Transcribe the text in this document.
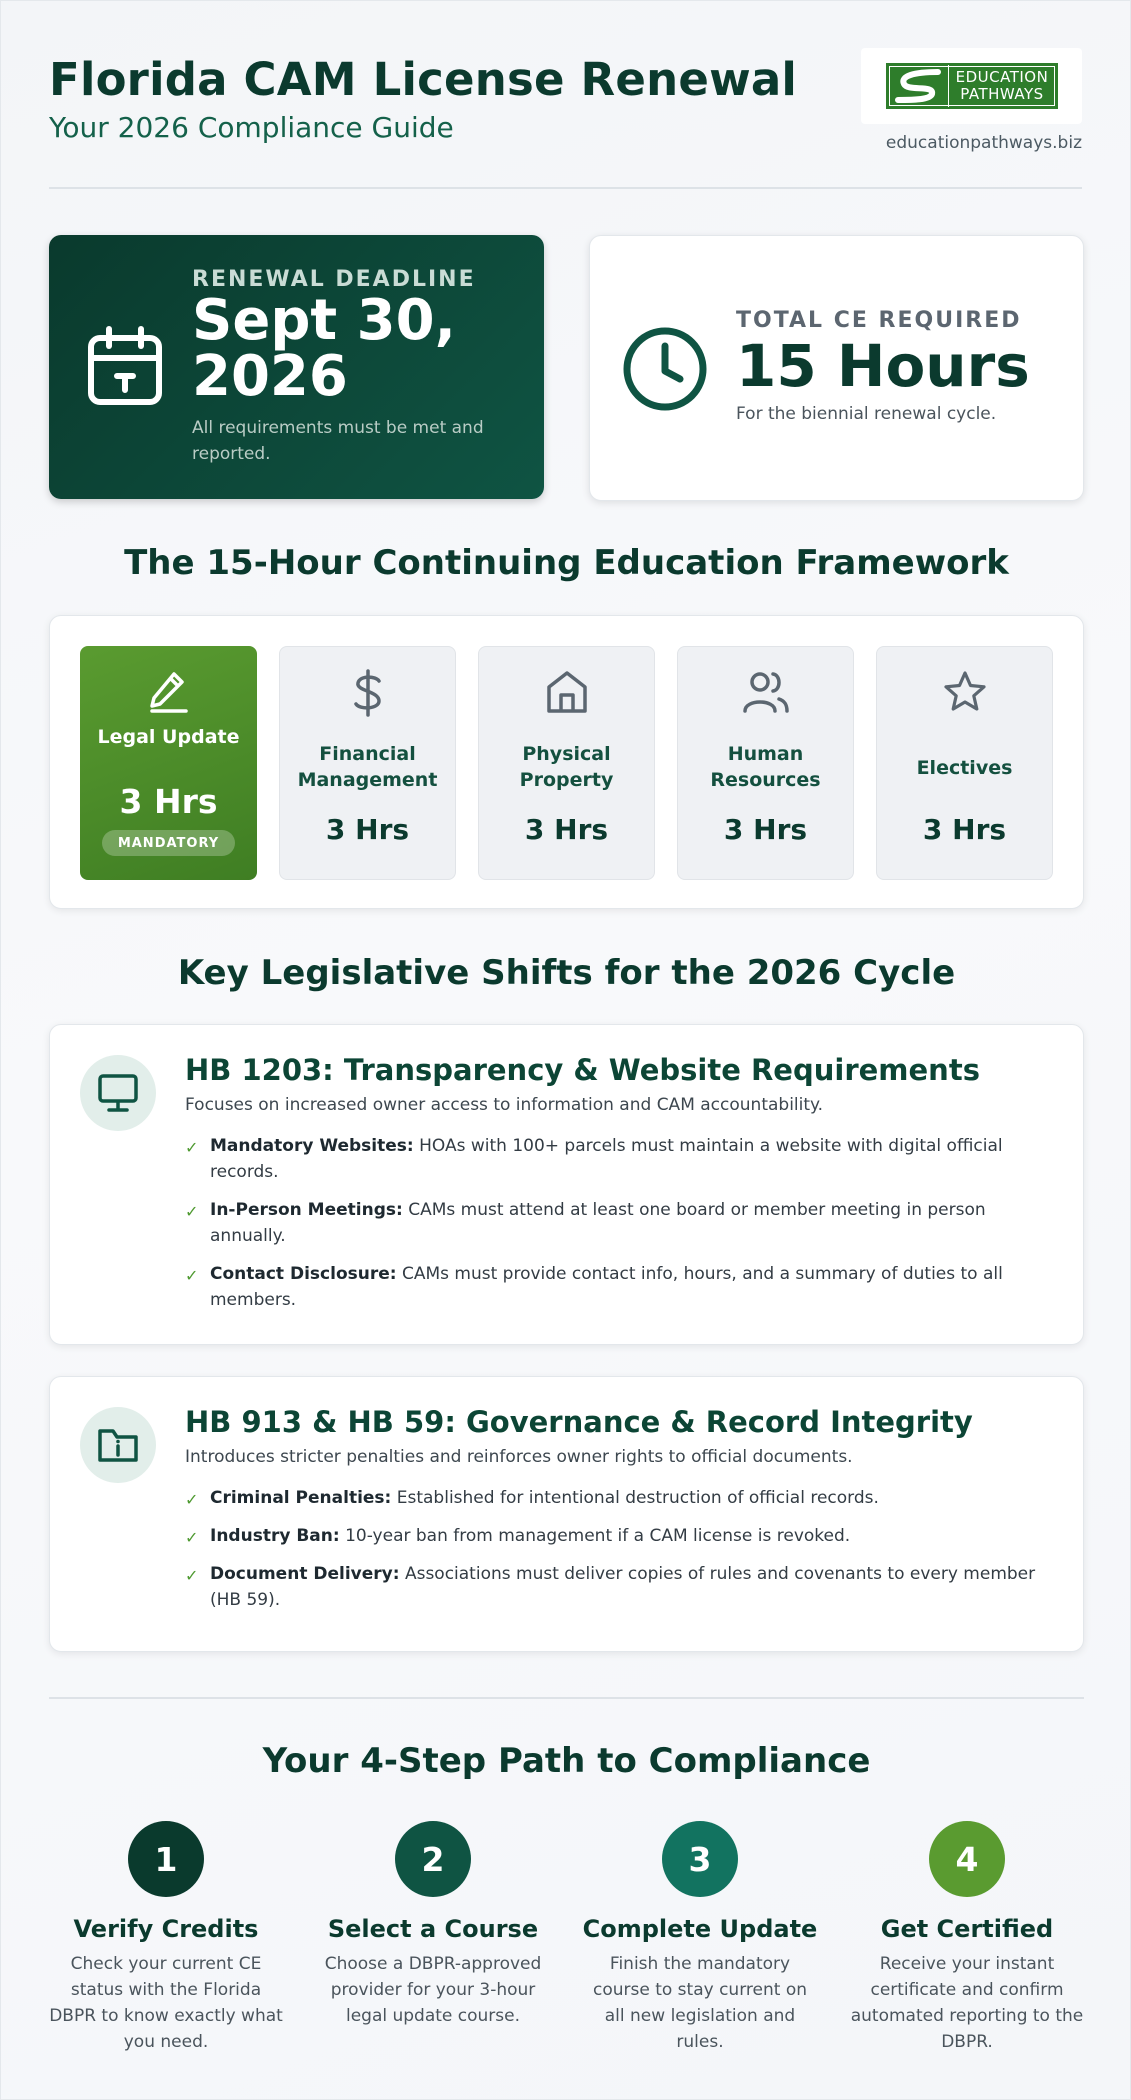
Florida CAM License Renewal
Your 2026 Compliance Guide
EDUCATION
PATHWAYS
educationpathways.biz
RENEWAL DEADLINE
Sept 30, 2026
All requirements must be met and reported.
TOTAL CE REQUIRED
15 Hours
For the biennial renewal cycle.
The 15-Hour Continuing Education Framework
Legal Update
3 Hrs
MANDATORY
Financial Management
3 Hrs
Physical Property
3 Hrs
Human Resources
3 Hrs
Electives
3 Hrs
Key Legislative Shifts for the 2026 Cycle
HB 1203: Transparency & Website Requirements
Focuses on increased owner access to information and CAM accountability.
✓ Mandatory Websites: HOAs with 100+ parcels must maintain a website with digital official records.
✓ In-Person Meetings: CAMs must attend at least one board or member meeting in person annually.
✓ Contact Disclosure: CAMs must provide contact info, hours, and a summary of duties to all members.
HB 913 & HB 59: Governance & Record Integrity
Introduces stricter penalties and reinforces owner rights to official documents.
✓ Criminal Penalties: Established for intentional destruction of official records.
✓ Industry Ban: 10-year ban from management if a CAM license is revoked.
✓ Document Delivery: Associations must deliver copies of rules and covenants to every member (HB 59).
Your 4-Step Path to Compliance
1
Verify Credits
Check your current CE status with the Florida DBPR to know exactly what you need.
2
Select a Course
Choose a DBPR-approved provider for your 3-hour legal update course.
3
Complete Update
Finish the mandatory course to stay current on all new legislation and rules.
4
Get Certified
Receive your instant certificate and confirm automated reporting to the DBPR.
